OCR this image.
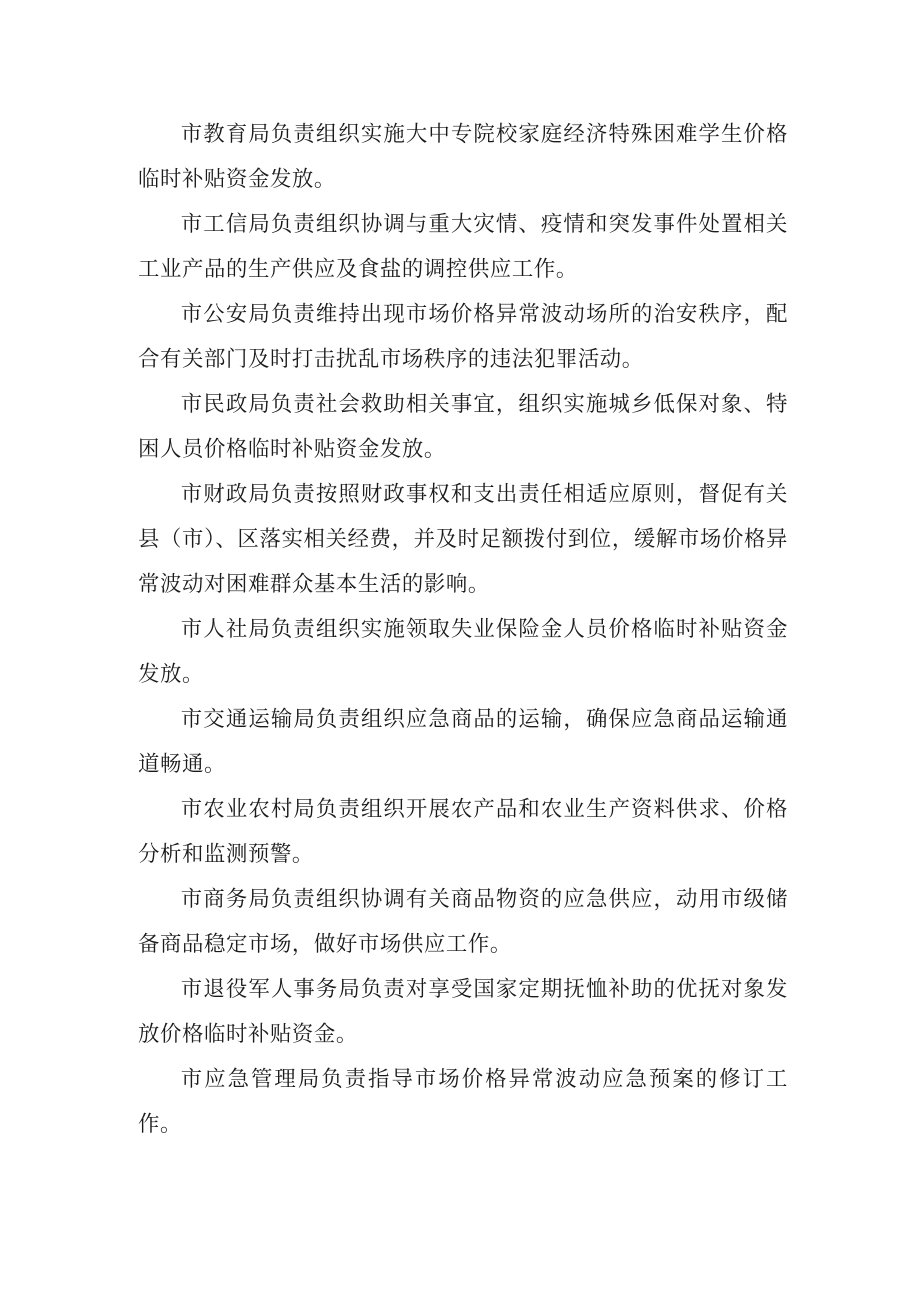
市教育局负责组织实施大中专院校家庭经济特殊困难学生价格临时补贴资金发放。

市工信局负责组织协调与重大灾情、疫情和突发事件处置相关工业产品的生产供应及食盐的调控供应工作。

市公安局负责维持出现市场价格异常波动场所的治安秩序，配合有关部门及时打击扰乱市场秩序的违法犯罪活动。

市民政局负责社会救助相关事宜，组织实施城乡低保对象、特困人员价格临时补贴资金发放。

市财政局负责按照财政事权和支出责任相适应原则，督促有关县（市）、区落实相关经费，并及时足额拨付到位，缓解市场价格异常波动对困难群众基本生活的影响。

市人社局负责组织实施领取失业保险金人员价格临时补贴资金发放。

市交通运输局负责组织应急商品的运输，确保应急商品运输通道畅通。

市农业农村局负责组织开展农产品和农业生产资料供求、价格分析和监测预警。

市商务局负责组织协调有关商品物资的应急供应，动用市级储备商品稳定市场，做好市场供应工作。

市退役军人事务局负责对享受国家定期抚恤补助的优抚对象发放价格临时补贴资金。

市应急管理局负责指导市场价格异常波动应急预案的修订工作。
